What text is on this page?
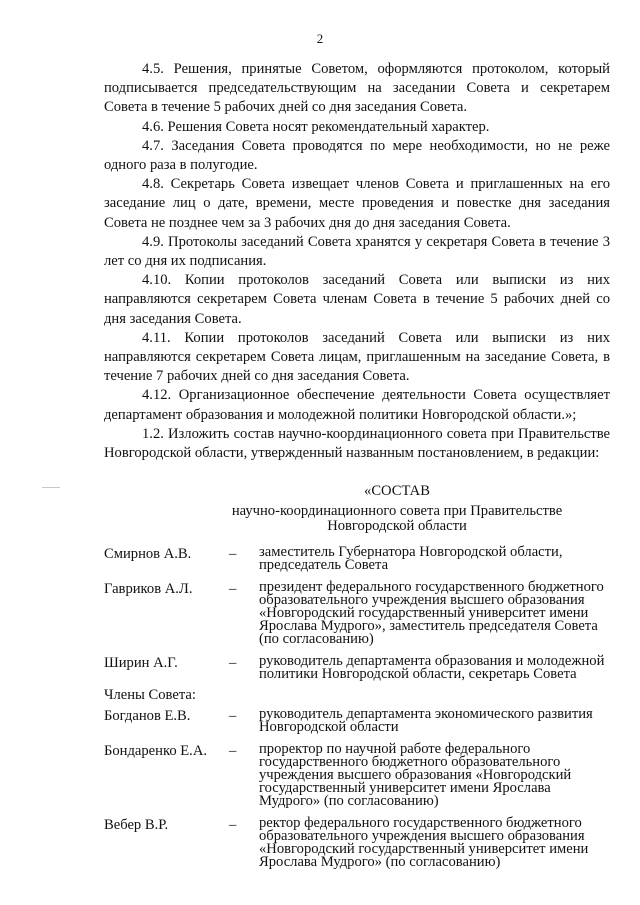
2

4.5. Решения, принятые Советом, оформляются протоколом, который подписывается председательствующим на заседании Совета и секретарем Совета в течение 5 рабочих дней со дня заседания Совета.

4.6. Решения Совета носят рекомендательный характер.

4.7. Заседания Совета проводятся по мере необходимости, но не реже одного раза в полугодие.

4.8. Секретарь Совета извещает членов Совета и приглашенных на его заседание лиц о дате, времени, месте проведения и повестке дня заседания Совета не позднее чем за 3 рабочих дня до дня заседания Совета.

4.9. Протоколы заседаний Совета хранятся у секретаря Совета в течение 3 лет со дня их подписания.

4.10. Копии протоколов заседаний Совета или выписки из них направляются секретарем Совета членам Совета в течение 5 рабочих дней со дня заседания Совета.

4.11. Копии протоколов заседаний Совета или выписки из них направляются секретарем Совета лицам, приглашенным на заседание Совета, в течение 7 рабочих дней со дня заседания Совета.

4.12. Организационное обеспечение деятельности Совета осуществляет департамент образования и молодежной политики Новгородской области.»;

1.2. Изложить состав научно-координационного совета при Правительстве Новгородской области, утвержденный названным постановлением, в редакции:

«СОСТАВ

научно-координационного совета при Правительстве
Новгородской области

Смирнов А.В.	–	заместитель Губернатора Новгородской области, председатель Совета
Гавриков А.Л.	–	президент федерального государственного бюджетного образовательного учреждения высшего образования «Новгородский государственный университет имени Ярослава Мудрого», заместитель председателя Совета (по согласованию)
Ширин А.Г.	–	руководитель департамента образования и молодежной политики Новгородской области, секретарь Совета
Члены Совета:
Богданов Е.В.	–	руководитель департамента экономического развития Новгородской области
Бондаренко Е.А.	–	проректор по научной работе федерального государственного бюджетного образовательного учреждения высшего образования «Новгородский государственный университет имени Ярослава Мудрого» (по согласованию)
Вебер В.Р.	–	ректор федерального государственного бюджетного образовательного учреждения высшего образования «Новгородский государственный университет имени Ярослава Мудрого» (по согласованию)
